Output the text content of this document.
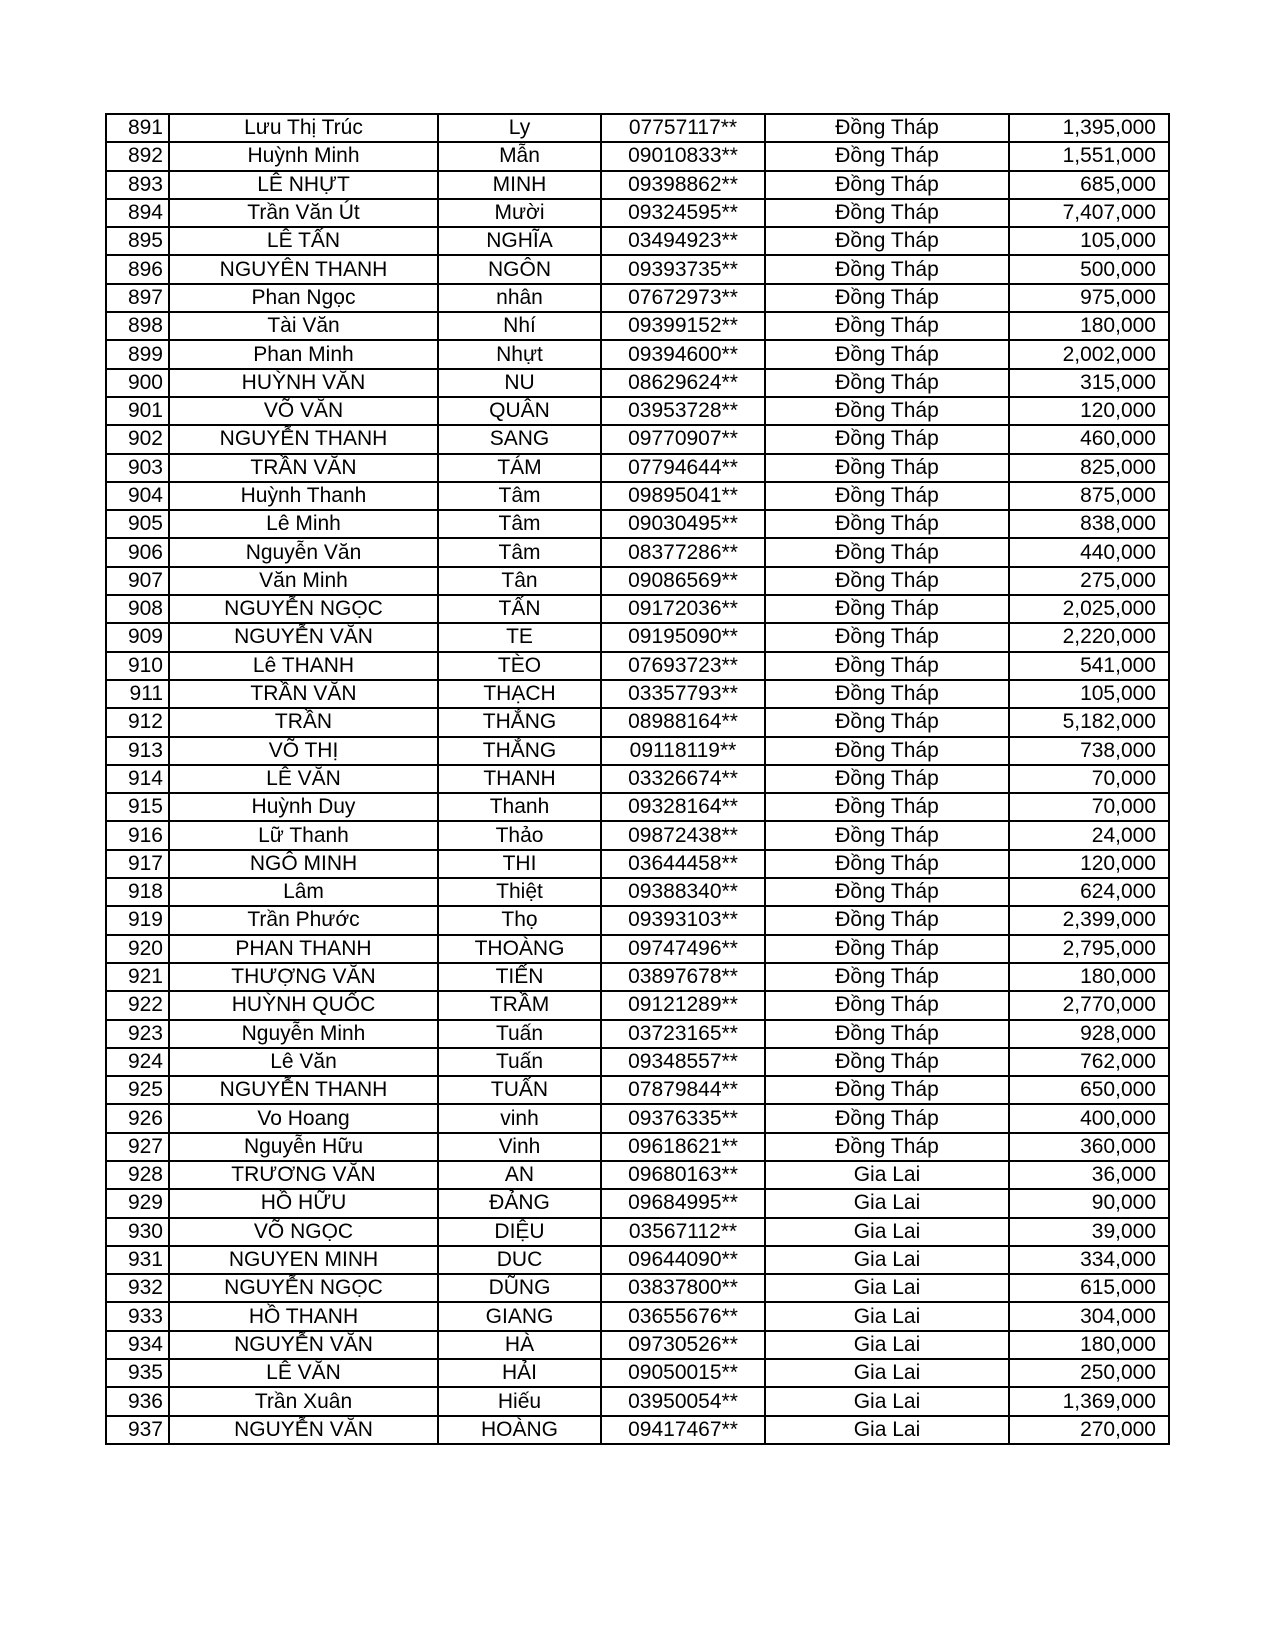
891	Lưu Thị Trúc	Ly	07757117**	Đồng Tháp	1,395,000
892	Huỳnh Minh	Mẫn	09010833**	Đồng Tháp	1,551,000
893	LÊ NHỰT	MINH	09398862**	Đồng Tháp	685,000
894	Trần Văn Út	Mười	09324595**	Đồng Tháp	7,407,000
895	LÊ TẤN	NGHĨA	03494923**	Đồng Tháp	105,000
896	NGUYÊN THANH	NGÔN	09393735**	Đồng Tháp	500,000
897	Phan Ngọc	nhân	07672973**	Đồng Tháp	975,000
898	Tài Văn	Nhí	09399152**	Đồng Tháp	180,000
899	Phan Minh	Nhựt	09394600**	Đồng Tháp	2,002,000
900	HUỲNH VĂN	NU	08629624**	Đồng Tháp	315,000
901	VÕ VĂN	QUÂN	03953728**	Đồng Tháp	120,000
902	NGUYỄN THANH	SANG	09770907**	Đồng Tháp	460,000
903	TRẦN VĂN	TÁM	07794644**	Đồng Tháp	825,000
904	Huỳnh Thanh	Tâm	09895041**	Đồng Tháp	875,000
905	Lê Minh	Tâm	09030495**	Đồng Tháp	838,000
906	Nguyễn Văn	Tâm	08377286**	Đồng Tháp	440,000
907	Văn Minh	Tân	09086569**	Đồng Tháp	275,000
908	NGUYỄN NGỌC	TẤN	09172036**	Đồng Tháp	2,025,000
909	NGUYỄN VĂN	TE	09195090**	Đồng Tháp	2,220,000
910	Lê THANH	TÈO	07693723**	Đồng Tháp	541,000
911	TRẦN VĂN	THẠCH	03357793**	Đồng Tháp	105,000
912	TRẦN	THẮNG	08988164**	Đồng Tháp	5,182,000
913	VÕ THỊ	THẮNG	09118119**	Đồng Tháp	738,000
914	LÊ VĂN	THANH	03326674**	Đồng Tháp	70,000
915	Huỳnh Duy	Thanh	09328164**	Đồng Tháp	70,000
916	Lữ Thanh	Thảo	09872438**	Đồng Tháp	24,000
917	NGÔ MINH	THI	03644458**	Đồng Tháp	120,000
918	Lâm	Thiệt	09388340**	Đồng Tháp	624,000
919	Trần Phước	Thọ	09393103**	Đồng Tháp	2,399,000
920	PHAN THANH	THOÀNG	09747496**	Đồng Tháp	2,795,000
921	THƯỢNG VĂN	TIẾN	03897678**	Đồng Tháp	180,000
922	HUỲNH QUỐC	TRẦM	09121289**	Đồng Tháp	2,770,000
923	Nguyễn Minh	Tuấn	03723165**	Đồng Tháp	928,000
924	Lê Văn	Tuấn	09348557**	Đồng Tháp	762,000
925	NGUYỄN THANH	TUẤN	07879844**	Đồng Tháp	650,000
926	Vo Hoang	vinh	09376335**	Đồng Tháp	400,000
927	Nguyễn Hữu	Vinh	09618621**	Đồng Tháp	360,000
928	TRƯƠNG VĂN	AN	09680163**	Gia Lai	36,000
929	HỒ HỮU	ĐẢNG	09684995**	Gia Lai	90,000
930	VÕ NGỌC	DIỆU	03567112**	Gia Lai	39,000
931	NGUYEN MINH	DUC	09644090**	Gia Lai	334,000
932	NGUYỄN NGỌC	DŨNG	03837800**	Gia Lai	615,000
933	HỒ THANH	GIANG	03655676**	Gia Lai	304,000
934	NGUYỄN VĂN	HÀ	09730526**	Gia Lai	180,000
935	LÊ VĂN	HẢI	09050015**	Gia Lai	250,000
936	Trần Xuân	Hiếu	03950054**	Gia Lai	1,369,000
937	NGUYỄN VĂN	HOÀNG	09417467**	Gia Lai	270,000
